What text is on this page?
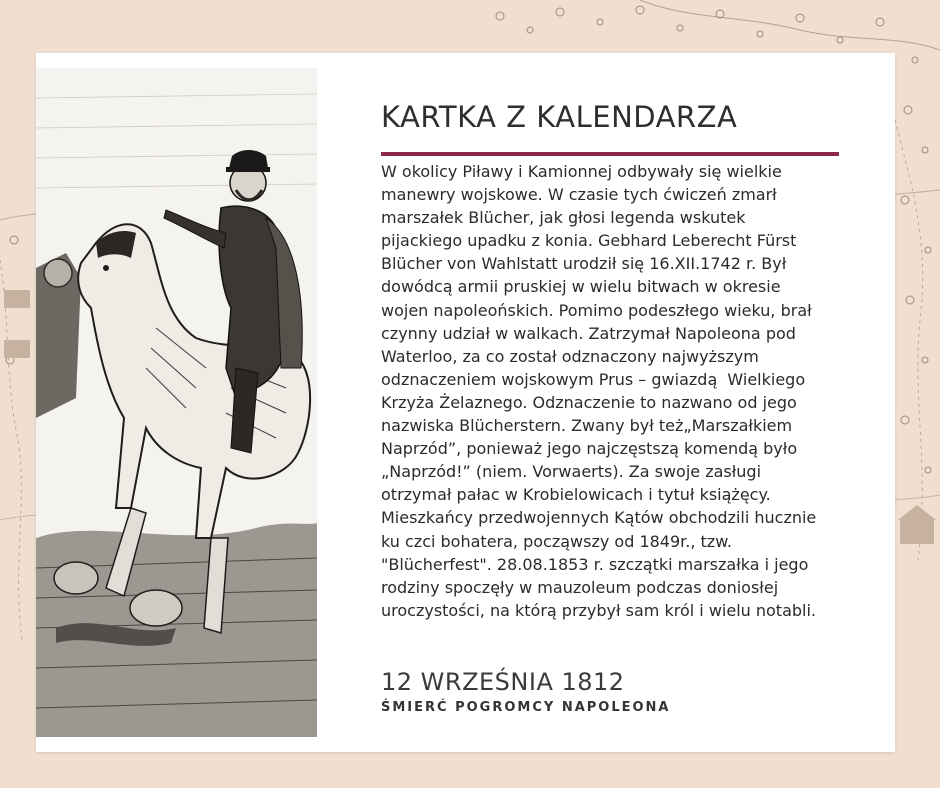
KARTKA Z KALENDARZA

W okolicy Piławy i Kamionnej odbywały się wielkie
manewry wojskowe. W czasie tych ćwiczeń zmarł
marszałek Blücher, jak głosi legenda wskutek
pijackiego upadku z konia. Gebhard Leberecht Fürst
Blücher von Wahlstatt urodził się 16.XII.1742 r. Był
dowódcą armii pruskiej w wielu bitwach w okresie
wojen napoleońskich. Pomimo podeszłego wieku, brał
czynny udział w walkach. Zatrzymał Napoleona pod
Waterloo, za co został odznaczony najwyższym
odznaczeniem wojskowym Prus – gwiazdą  Wielkiego
Krzyża Żelaznego. Odznaczenie to nazwano od jego
nazwiska Blücherstern. Zwany był też„Marszałkiem
Naprzód”, ponieważ jego najczęstszą komendą było
„Naprzód!” (niem. Vorwaerts). Za swoje zasługi
otrzymał pałac w Krobielowicach i tytuł książęcy.
Mieszkańcy przedwojennych Kątów obchodzili hucznie
ku czci bohatera, począwszy od 1849r., tzw.
"Blücherfest". 28.08.1853 r. szczątki marszałka i jego
rodziny spoczęły w mauzoleum podczas doniosłej
uroczystości, na którą przybył sam król i wielu notabli.

12 WRZEŚNIA 1812

ŚMIERĆ POGROMCY NAPOLEONA
